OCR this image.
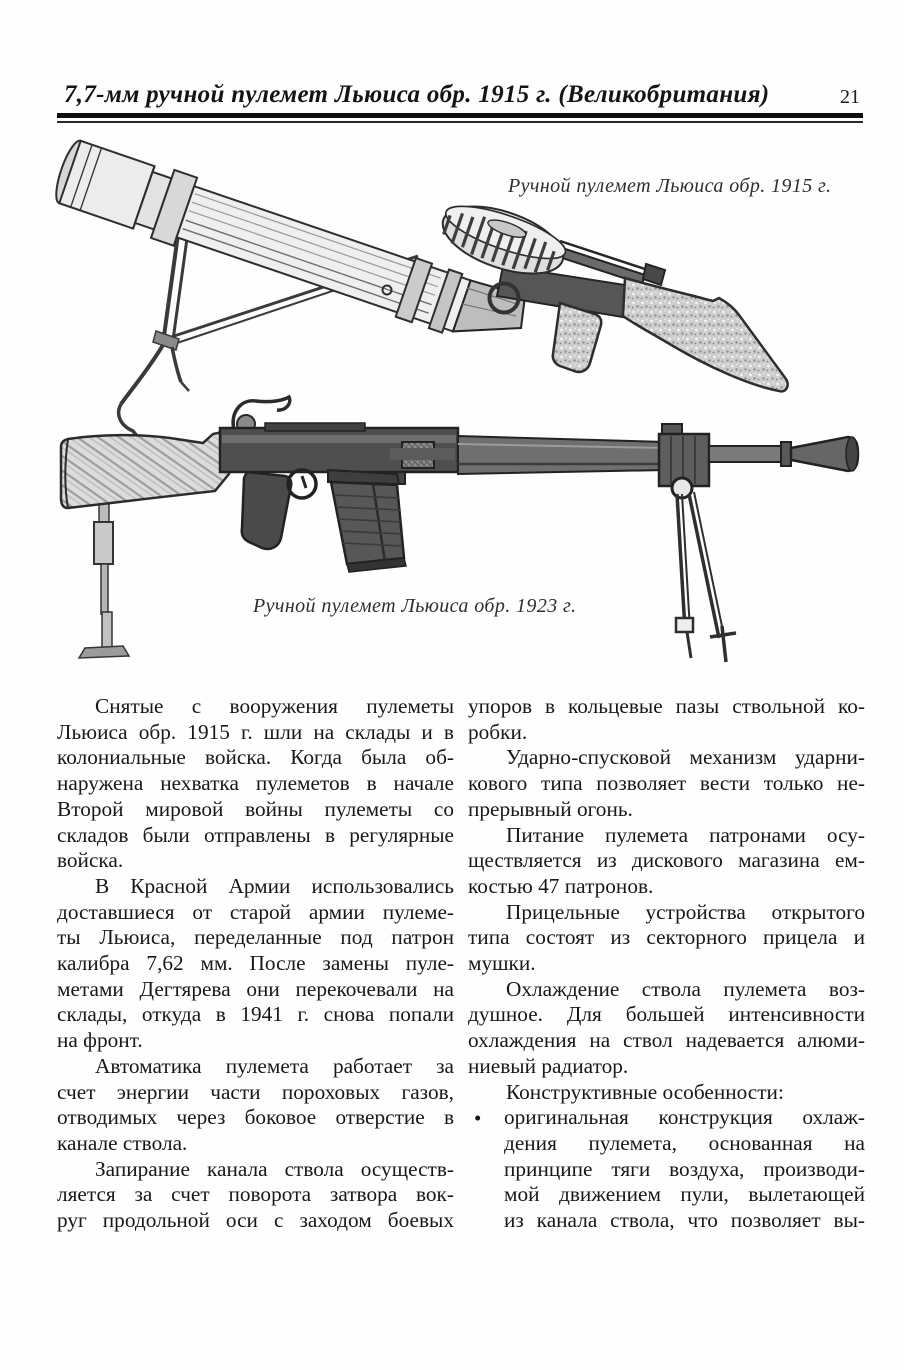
7,7-мм ручной пулемет Льюиса обр. 1915 г. (Великобритания)	21
Ручной пулемет Льюиса обр. 1915 г.
Ручной пулемет Льюиса обр. 1923 г.
Снятые с вооружения пулеметы
Льюиса обр. 1915 г. шли на склады и в
колониальные войска. Когда была об-
наружена нехватка пулеметов в начале
Второй мировой войны пулеметы со
складов были отправлены в регулярные
войска.
В Красной Армии использовались
доставшиеся от старой армии пулеме-
ты Льюиса, переделанные под патрон
калибра 7,62 мм. После замены пуле-
метами Дегтярева они перекочевали на
склады, откуда в 1941 г. снова попали
на фронт.
Автоматика пулемета работает за
счет энергии части пороховых газов,
отводимых через боковое отверстие в
канале ствола.
Запирание канала ствола осуществ-
ляется за счет поворота затвора вок-
руг продольной оси с заходом боевых
упоров в кольцевые пазы ствольной ко-
робки.
Ударно-спусковой механизм ударни-
кового типа позволяет вести только не-
прерывный огонь.
Питание пулемета патронами осу-
ществляется из дискового магазина ем-
костью 47 патронов.
Прицельные устройства открытого
типа состоят из секторного прицела и
мушки.
Охлаждение ствола пулемета воз-
душное. Для большей интенсивности
охлаждения на ствол надевается алюми-
ниевый радиатор.
Конструктивные особенности:
•	оригинальная конструкция охлаж-
дения пулемета, основанная на
принципе тяги воздуха, производи-
мой движением пули, вылетающей
из канала ствола, что позволяет вы-
